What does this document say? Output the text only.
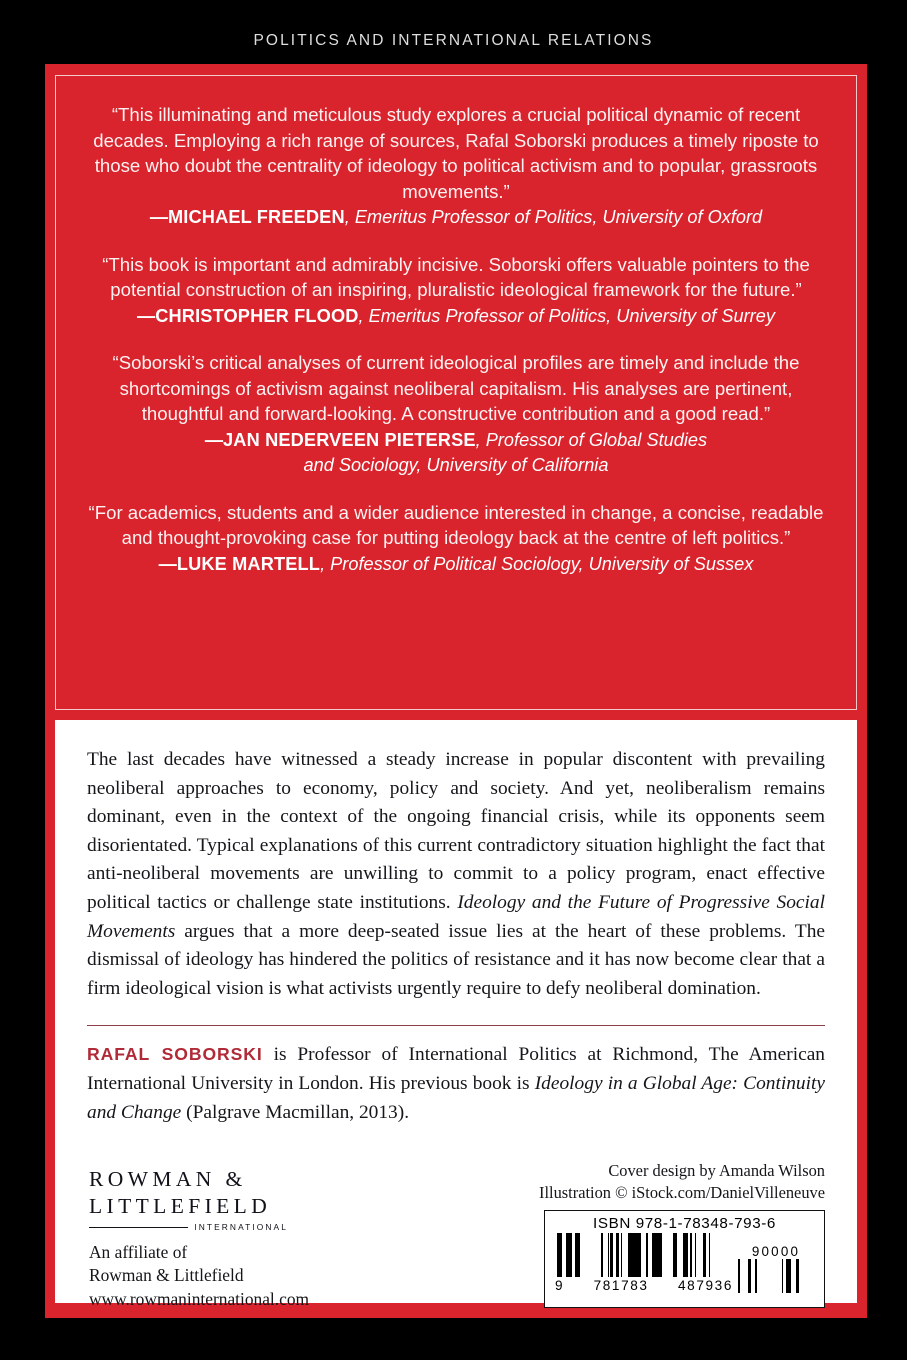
POLITICS AND INTERNATIONAL RELATIONS
“This illuminating and meticulous study explores a crucial political dynamic of recent decades. Employing a rich range of sources, Rafal Soborski produces a timely riposte to those who doubt the centrality of ideology to political activism and to popular, grassroots movements.”
—MICHAEL FREEDEN, Emeritus Professor of Politics, University of Oxford
“This book is important and admirably incisive. Soborski offers valuable pointers to the potential construction of an inspiring, pluralistic ideological framework for the future.”
—CHRISTOPHER FLOOD, Emeritus Professor of Politics, University of Surrey
“Soborski’s critical analyses of current ideological profiles are timely and include the shortcomings of activism against neoliberal capitalism. His analyses are pertinent, thoughtful and forward-looking. A constructive contribution and a good read.”
—JAN NEDERVEEN PIETERSE, Professor of Global Studies
and Sociology, University of California
“For academics, students and a wider audience interested in change, a concise, readable and thought-provoking case for putting ideology back at the centre of left politics.”
—LUKE MARTELL, Professor of Political Sociology, University of Sussex

The last decades have witnessed a steady increase in popular discontent with prevailing neoliberal approaches to economy, policy and society. And yet, neoliberalism remains dominant, even in the context of the ongoing financial crisis, while its opponents seem disorientated. Typical explanations of this current contradictory situation highlight the fact that anti-neoliberal movements are unwilling to commit to a policy program, enact effective political tactics or challenge state institutions. Ideology and the Future of Progressive Social Movements argues that a more deep-seated issue lies at the heart of these problems. The dismissal of ideology has hindered the politics of resistance and it has now become clear that a firm ideological vision is what activists urgently require to defy neoliberal domination.

RAFAL SOBORSKI is Professor of International Politics at Richmond, The American International University in London. His previous book is Ideology in a Global Age: Continuity and Change (Palgrave Macmillan, 2013).

ROWMAN &
LITTLEFIELD
INTERNATIONAL
An affiliate of
Rowman & Littlefield
www.rowmaninternational.com
Cover design by Amanda Wilson
Illustration © iStock.com/DanielVilleneuve
ISBN 978-1-78348-793-6
9 781783 487936
90000
